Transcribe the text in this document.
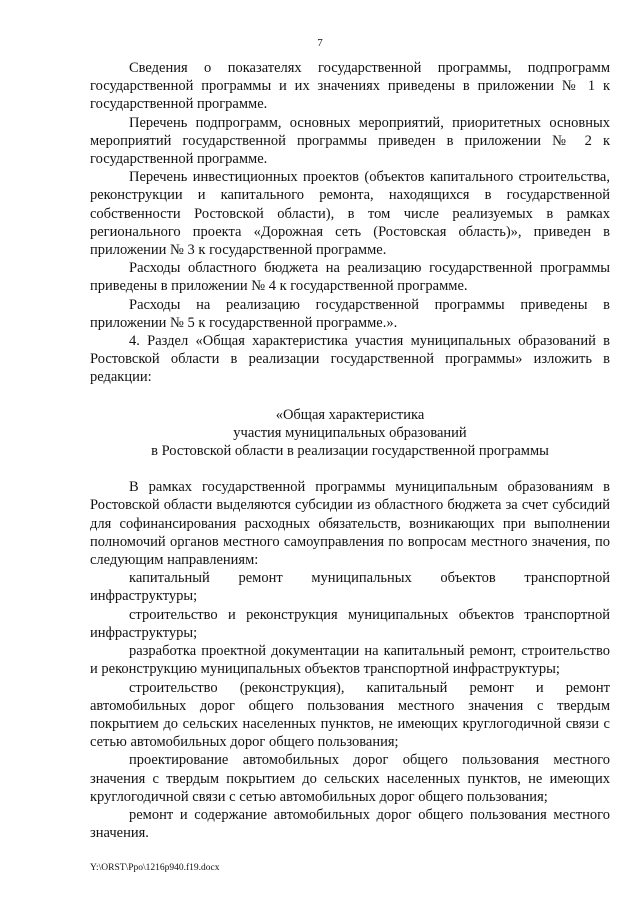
7

Сведения о показателях государственной программы, подпрограмм государственной программы и их значениях приведены в приложении № 1 к государственной программе.

Перечень подпрограмм, основных мероприятий, приоритетных основных мероприятий государственной программы приведен в приложении № 2 к государственной программе.

Перечень инвестиционных проектов (объектов капитального строительства, реконструкции и капитального ремонта, находящихся в государственной собственности Ростовской области), в том числе реализуемых в рамках регионального проекта «Дорожная сеть (Ростовская область)», приведен в приложении № 3 к государственной программе.

Расходы областного бюджета на реализацию государственной программы приведены в приложении № 4 к государственной программе.

Расходы на реализацию государственной программы приведены в приложении № 5 к государственной программе.».

4. Раздел «Общая характеристика участия муниципальных образований в Ростовской области в реализации государственной программы» изложить в редакции:

«Общая характеристика
участия муниципальных образований
в Ростовской области в реализации государственной программы

В рамках государственной программы муниципальным образованиям в Ростовской области выделяются субсидии из областного бюджета за счет субсидий для софинансирования расходных обязательств, возникающих при выполнении полномочий органов местного самоуправления по вопросам местного значения, по следующим направлениям:

капитальный ремонт муниципальных объектов транспортной инфраструктуры;

строительство и реконструкция муниципальных объектов транспортной инфраструктуры;

разработка проектной документации на капитальный ремонт, строительство и реконструкцию муниципальных объектов транспортной инфраструктуры;

строительство (реконструкция), капитальный ремонт и ремонт автомобильных дорог общего пользования местного значения с твердым покрытием до сельских населенных пунктов, не имеющих круглогодичной связи с сетью автомобильных дорог общего пользования;

проектирование автомобильных дорог общего пользования местного значения с твердым покрытием до сельских населенных пунктов, не имеющих круглогодичной связи с сетью автомобильных дорог общего пользования;

ремонт и содержание автомобильных дорог общего пользования местного значения.

Y:\ORST\Ppo\1216p940.f19.docx
